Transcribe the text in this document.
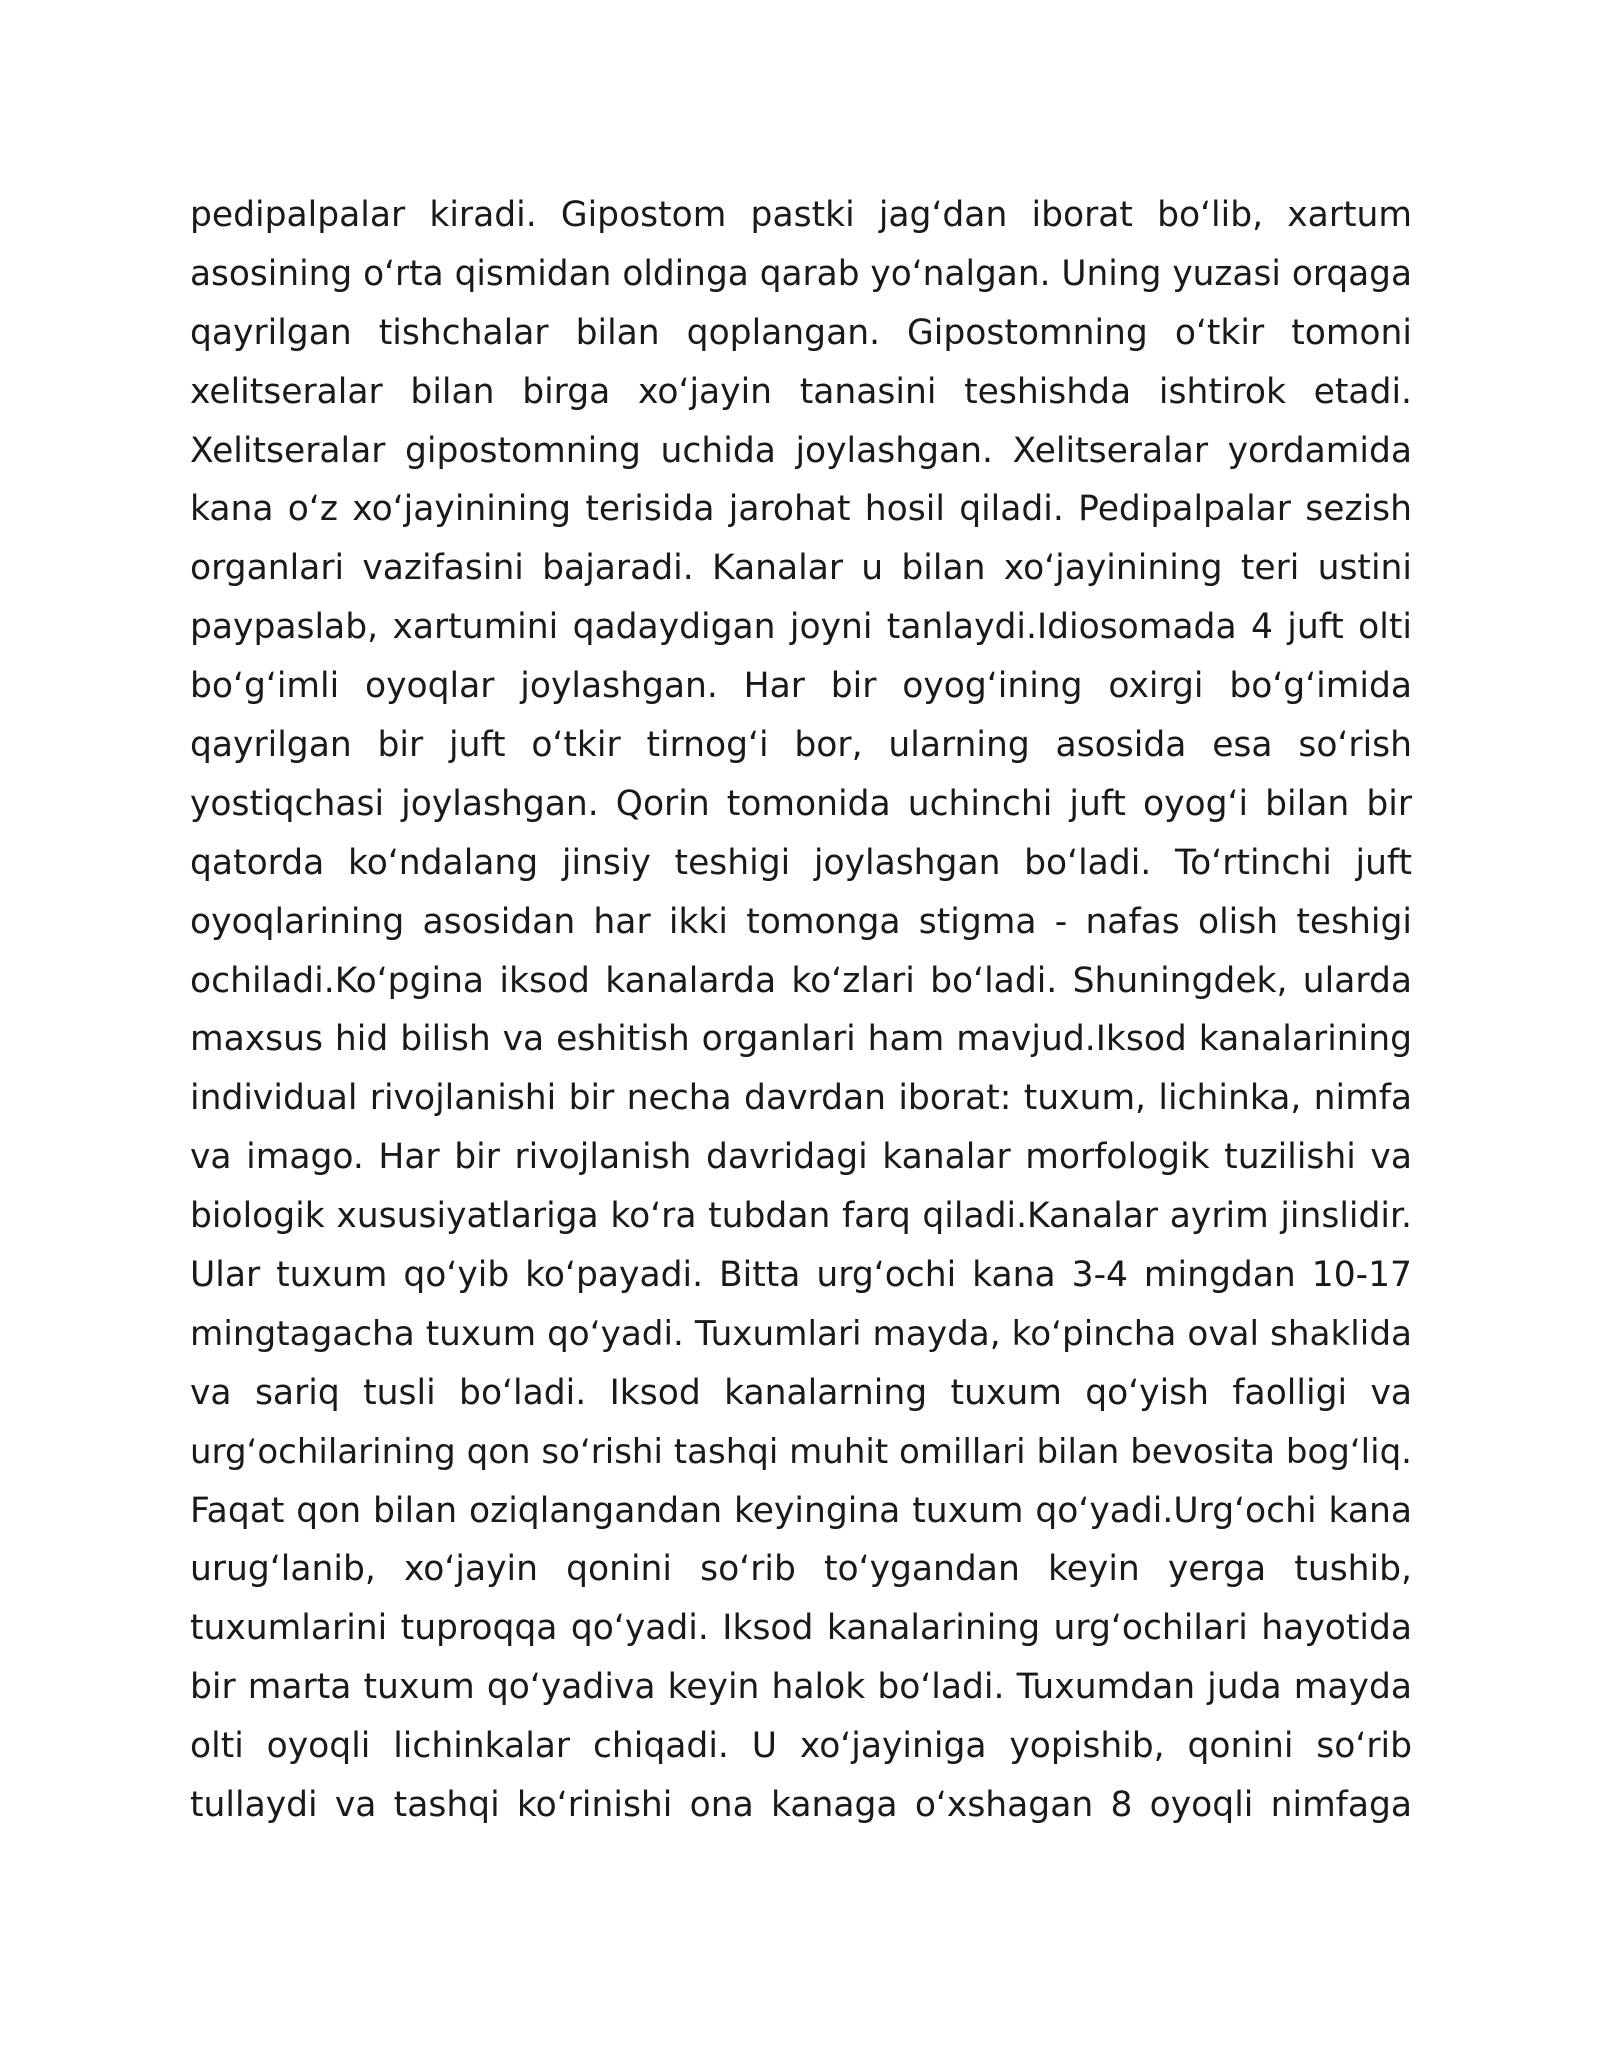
pedipalpalar kiradi. Gipostom pastki jag‘dan iborat bo‘lib, xartum
asosining o‘rta qismidan oldinga qarab yo‘nalgan. Uning yuzasi orqaga
qayrilgan tishchalar bilan qoplangan. Gipostomning o‘tkir tomoni
xelitseralar bilan birga xo‘jayin tanasini teshishda ishtirok etadi.
Xelitseralar gipostomning uchida joylashgan. Xelitseralar yordamida
kana o‘z xo‘jayinining terisida jarohat hosil qiladi. Pedipalpalar sezish
organlari vazifasini bajaradi. Kanalar u bilan xo‘jayinining teri ustini
paypaslab, xartumini qadaydigan joyni tanlaydi.Idiosomada 4 juft olti
bo‘g‘imli oyoqlar joylashgan. Har bir oyog‘ining oxirgi bo‘g‘imida
qayrilgan bir juft o‘tkir tirnog‘i bor, ularning asosida esa so‘rish
yostiqchasi joylashgan. Qorin tomonida uchinchi juft oyog‘i bilan bir
qatorda ko‘ndalang jinsiy teshigi joylashgan bo‘ladi. To‘rtinchi juft
oyoqlarining asosidan har ikki tomonga stigma - nafas olish teshigi
ochiladi.Ko‘pgina iksod kanalarda ko‘zlari bo‘ladi. Shuningdek, ularda
maxsus hid bilish va eshitish organlari ham mavjud.Iksod kanalarining
individual rivojlanishi bir necha davrdan iborat: tuxum, lichinka, nimfa
va imago. Har bir rivojlanish davridagi kanalar morfologik tuzilishi va
biologik xususiyatlariga ko‘ra tubdan farq qiladi.Kanalar ayrim jinslidir.
Ular tuxum qo‘yib ko‘payadi. Bitta urg‘ochi kana 3-4 mingdan 10-17
mingtagacha tuxum qo‘yadi. Tuxumlari mayda, ko‘pincha oval shaklida
va sariq tusli bo‘ladi. Iksod kanalarning tuxum qo‘yish faolligi va
urg‘ochilarining qon so‘rishi tashqi muhit omillari bilan bevosita bog‘liq.
Faqat qon bilan oziqlangandan keyingina tuxum qo‘yadi.Urg‘ochi kana
urug‘lanib, xo‘jayin qonini so‘rib to‘ygandan keyin yerga tushib,
tuxumlarini tuproqqa qo‘yadi. Iksod kanalarining urg‘ochilari hayotida
bir marta tuxum qo‘yadiva keyin halok bo‘ladi. Tuxumdan juda mayda
olti oyoqli lichinkalar chiqadi. U xo‘jayiniga yopishib, qonini so‘rib
tullaydi va tashqi ko‘rinishi ona kanaga o‘xshagan 8 oyoqli nimfaga
